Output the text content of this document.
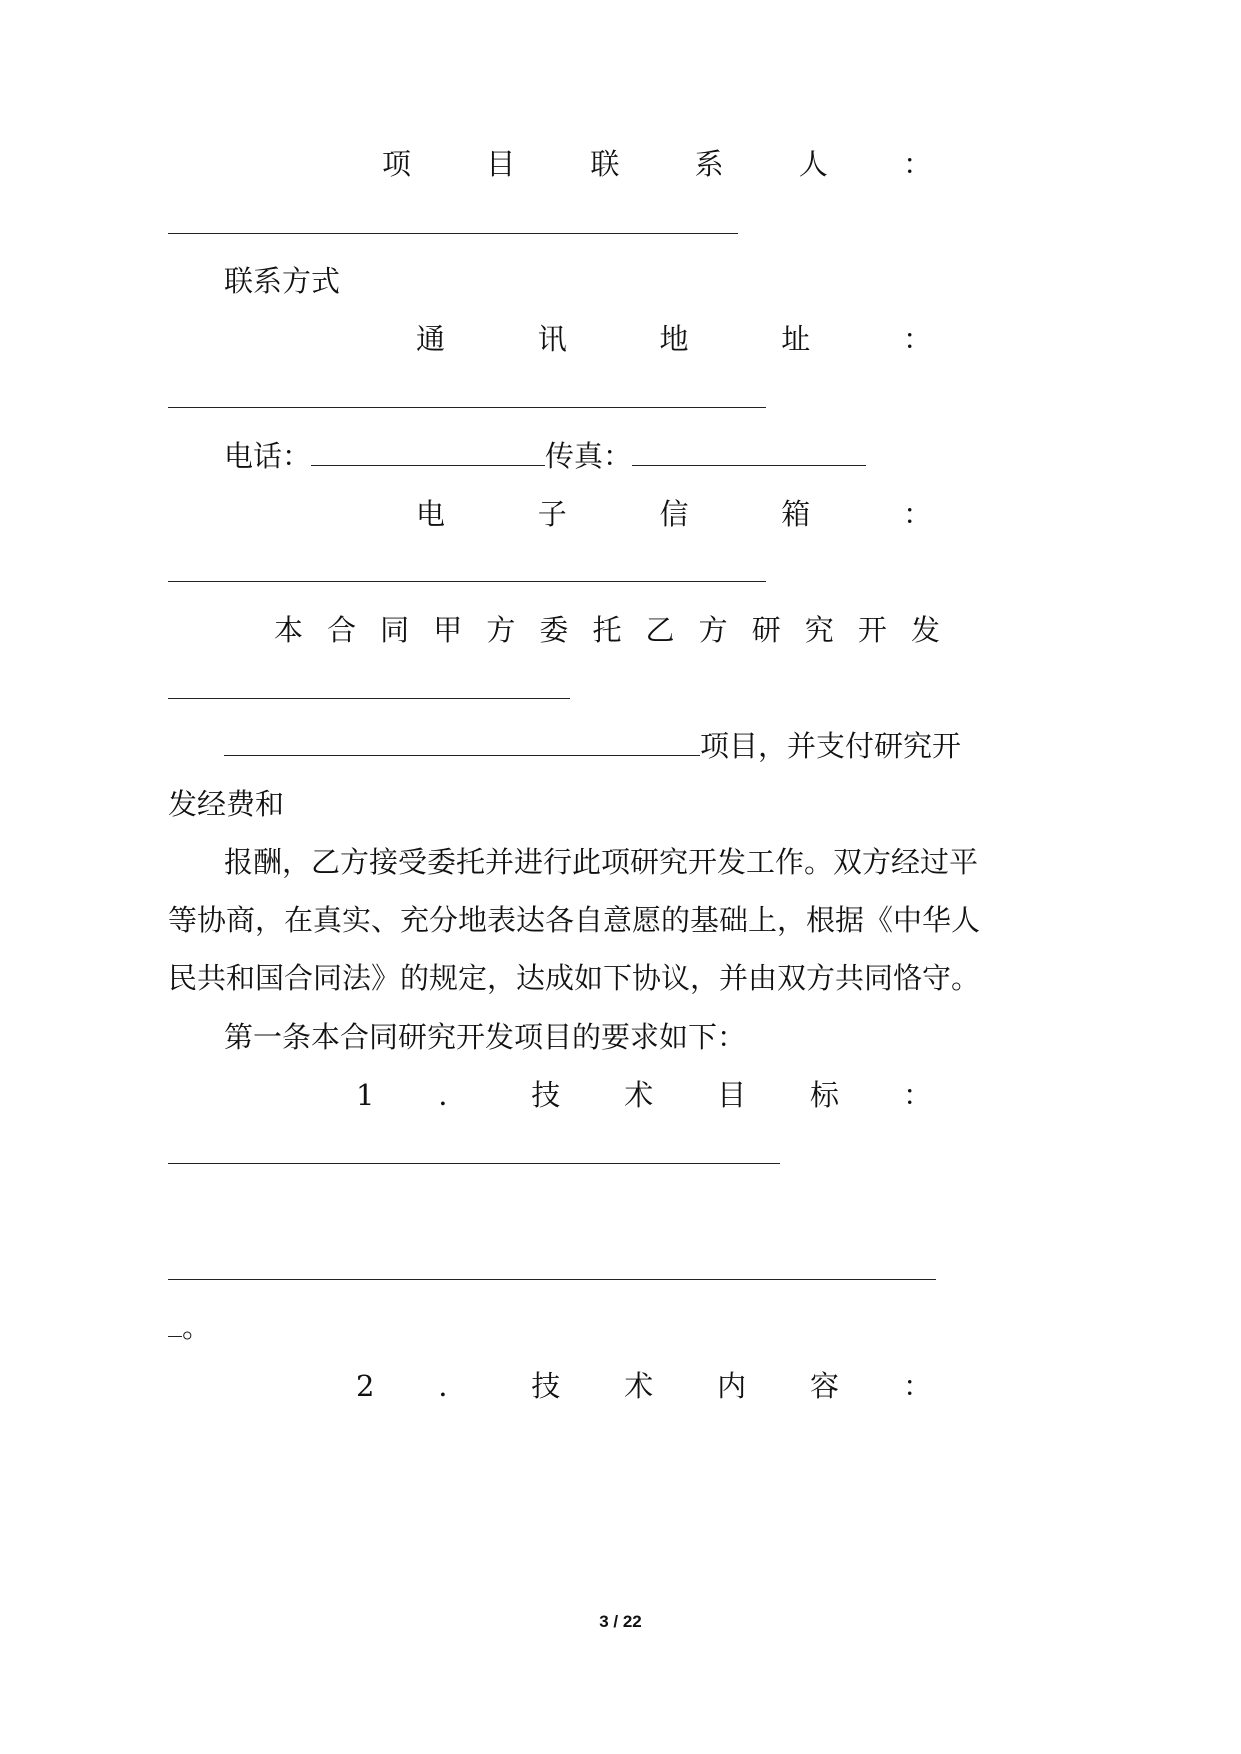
项	目	联	系	人	：
联系方式
通	讯	地	址	：
电话：	传真：
电	子	信	箱	：
本 合 同 甲 方 委 托 乙 方 研 究 开 发
项目，并支付研究开
发经费和
报酬，乙方接受委托并进行此项研究开发工作。双方经过平
等协商，在真实、充分地表达各自意愿的基础上，根据《中华人
民共和国合同法》的规定，达成如下协议，并由双方共同恪守。
第一条本合同研究开发项目的要求如下：
1 ． 技 术 目 标 ：
。
2 ． 技 术 内 容 ：
3 / 22
